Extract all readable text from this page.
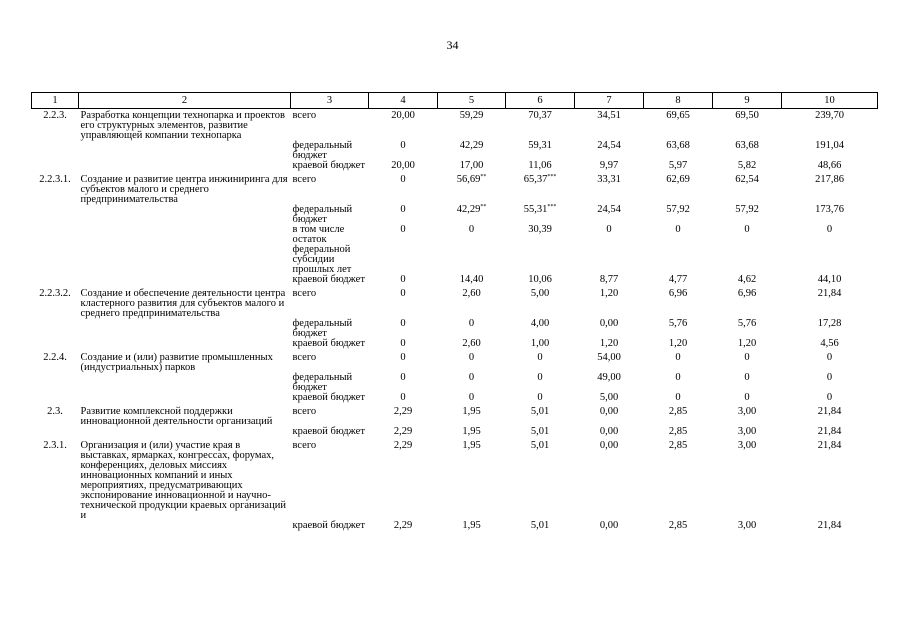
34
1	2	3	4	5	6	7	8	9	10
2.2.3.	Разработка концепции технопарка и проектов его структурных элементов, развитие управляющей компании технопарка	всего	20,00	59,29	70,37	34,51	69,65	69,50	239,70
		федеральный бюджет	0	42,29	59,31	24,54	63,68	63,68	191,04
		краевой бюджет	20,00	17,00	11,06	9,97	5,97	5,82	48,66
2.2.3.1.	Создание и развитие центра инжиниринга для субъектов малого и среднего предпринимательства	всего	0	56,69**	65,37***	33,31	62,69	62,54	217,86
		федеральный бюджет	0	42,29**	55,31***	24,54	57,92	57,92	173,76
		в том числе остаток федеральной субсидии прошлых лет	0	0	30,39	0	0	0	0
		краевой бюджет	0	14,40	10,06	8,77	4,77	4,62	44,10
2.2.3.2.	Создание и обеспечение деятельности центра кластерного развития для субъектов малого и среднего предпринимательства	всего	0	2,60	5,00	1,20	6,96	6,96	21,84
		федеральный бюджет	0	0	4,00	0,00	5,76	5,76	17,28
		краевой бюджет	0	2,60	1,00	1,20	1,20	1,20	4,56
2.2.4.	Создание и (или) развитие промышленных (индустриальных) парков	всего	0	0	0	54,00	0	0	0
		федеральный бюджет	0	0	0	49,00	0	0	0
		краевой бюджет	0	0	0	5,00	0	0	0
2.3.	Развитие комплексной поддержки инновационной деятельности организаций	всего	2,29	1,95	5,01	0,00	2,85	3,00	21,84
		краевой бюджет	2,29	1,95	5,01	0,00	2,85	3,00	21,84
2.3.1.	Организация и (или) участие края в выставках, ярмарках, конгрессах, форумах, конференциях, деловых миссиях инновационных компаний и иных мероприятиях, предусматривающих экспонирование инновационной и научно-технической продукции краевых организаций и	всего	2,29	1,95	5,01	0,00	2,85	3,00	21,84
		краевой бюджет	2,29	1,95	5,01	0,00	2,85	3,00	21,84
